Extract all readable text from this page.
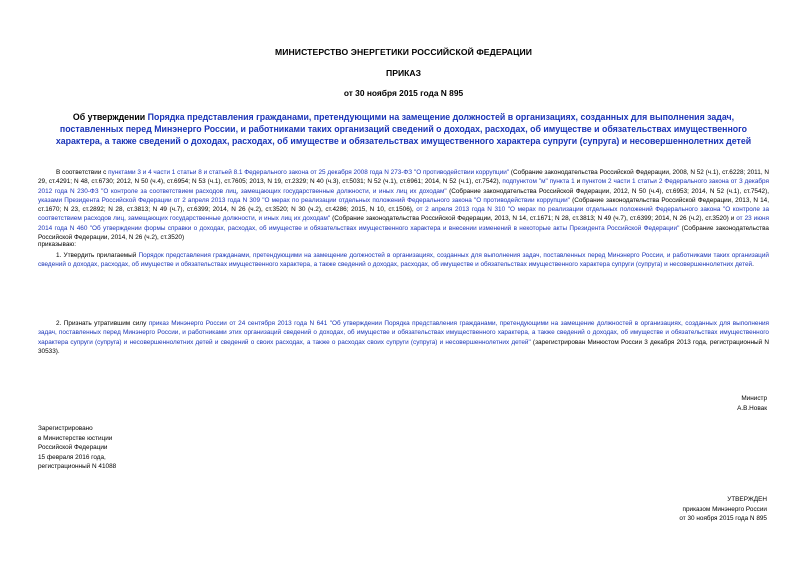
МИНИСТЕРСТВО ЭНЕРГЕТИКИ РОССИЙСКОЙ ФЕДЕРАЦИИ
ПРИКАЗ
от 30 ноября 2015 года N 895
Об утверждении Порядка представления гражданами, претендующими на замещение должностей в организациях, созданных для выполнения задач, поставленных перед Минэнерго России, и работниками таких организаций сведений о доходах, расходах, об имуществе и обязательствах имущественного характера, а также сведений о доходах, расходах, об имуществе и обязательствах имущественного характера супруги (супруга) и несовершеннолетних детей
В соответствии с пунктами 3 и 4 части 1 статьи 8 и статьей 8.1 Федерального закона от 25 декабря 2008 года N 273-ФЗ "О противодействии коррупции" (Собрание законодательства Российской Федерации, 2008, N 52 (ч.1), ст.6228; 2011, N 29, ст.4291; N 48, ст.6730; 2012, N 50 (ч.4), ст.6954; N 53 (ч.1), ст.7605; 2013, N 19, ст.2329; N 40 (ч.3), ст.5031; N 52 (ч.1), ст.6961; 2014, N 52 (ч.1), ст.7542), подпунктом "м" пункта 1 и пунктом 2 части 1 статьи 2 Федерального закона от 3 декабря 2012 года N 230-ФЗ "О контроле за соответствием расходов лиц, замещающих государственные должности, и иных лиц их доходам" (Собрание законодательства Российской Федерации, 2012, N 50 (ч.4), ст.6953; 2014, N 52 (ч.1), ст.7542), указами Президента Российской Федерации от 2 апреля 2013 года N 309 "О мерах по реализации отдельных положений Федерального закона "О противодействии коррупции" (Собрание законодательства Российской Федерации, 2013, N 14, ст.1670; N 23, ст.2892; N 28, ст.3813; N 49 (ч.7), ст.6399; 2014, N 26 (ч.2), ст.3520; N 30 (ч.2), ст.4286; 2015, N 10, ст.1506), от 2 апреля 2013 года N 310 "О мерах по реализации отдельных положений Федерального закона "О контроле за соответствием расходов лиц, замещающих государственные должности, и иных лиц их доходам" (Собрание законодательства Российской Федерации, 2013, N 14, ст.1671; N 28, ст.3813; N 49 (ч.7), ст.6399; 2014, N 26 (ч.2), ст.3520) и от 23 июня 2014 года N 460 "Об утверждении формы справки о доходах, расходах, об имуществе и обязательствах имущественного характера и внесении изменений в некоторые акты Президента Российской Федерации" (Собрание законодательства Российской Федерации, 2014, N 26 (ч.2), ст.3520)
приказываю:
1. Утвердить прилагаемый Порядок представления гражданами, претендующими на замещение должностей в организациях, созданных для выполнения задач, поставленных перед Минэнерго России, и работниками таких организаций сведений о доходах, расходах, об имуществе и обязательствах имущественного характера, а также сведений о доходах, расходах, об имуществе и обязательствах имущественного характера супруги (супруга) и несовершеннолетних детей.
2. Признать утратившим силу приказ Минэнерго России от 24 сентября 2013 года N 641 "Об утверждении Порядка представления гражданами, претендующими на замещение должностей в организациях, созданных для выполнения задач, поставленных перед Минэнерго России, и работниками этих организаций сведений о доходах, об имуществе и обязательствах имущественного характера, а также сведений о доходах, об имуществе и обязательствах имущественного характера супруги (супруга) и несовершеннолетних детей и сведений о своих расходах, а также о расходах своих супруги (супруга) и несовершеннолетних детей" (зарегистрирован Минюстом России 3 декабря 2013 года, регистрационный N 30533).
Министр
А.В.Новак
Зарегистрировано
в Министерстве юстиции
Российской Федерации
15 февраля 2016 года,
регистрационный N 41088
УТВЕРЖДЕН
приказом Минэнерго России
от 30 ноября 2015 года N 895
